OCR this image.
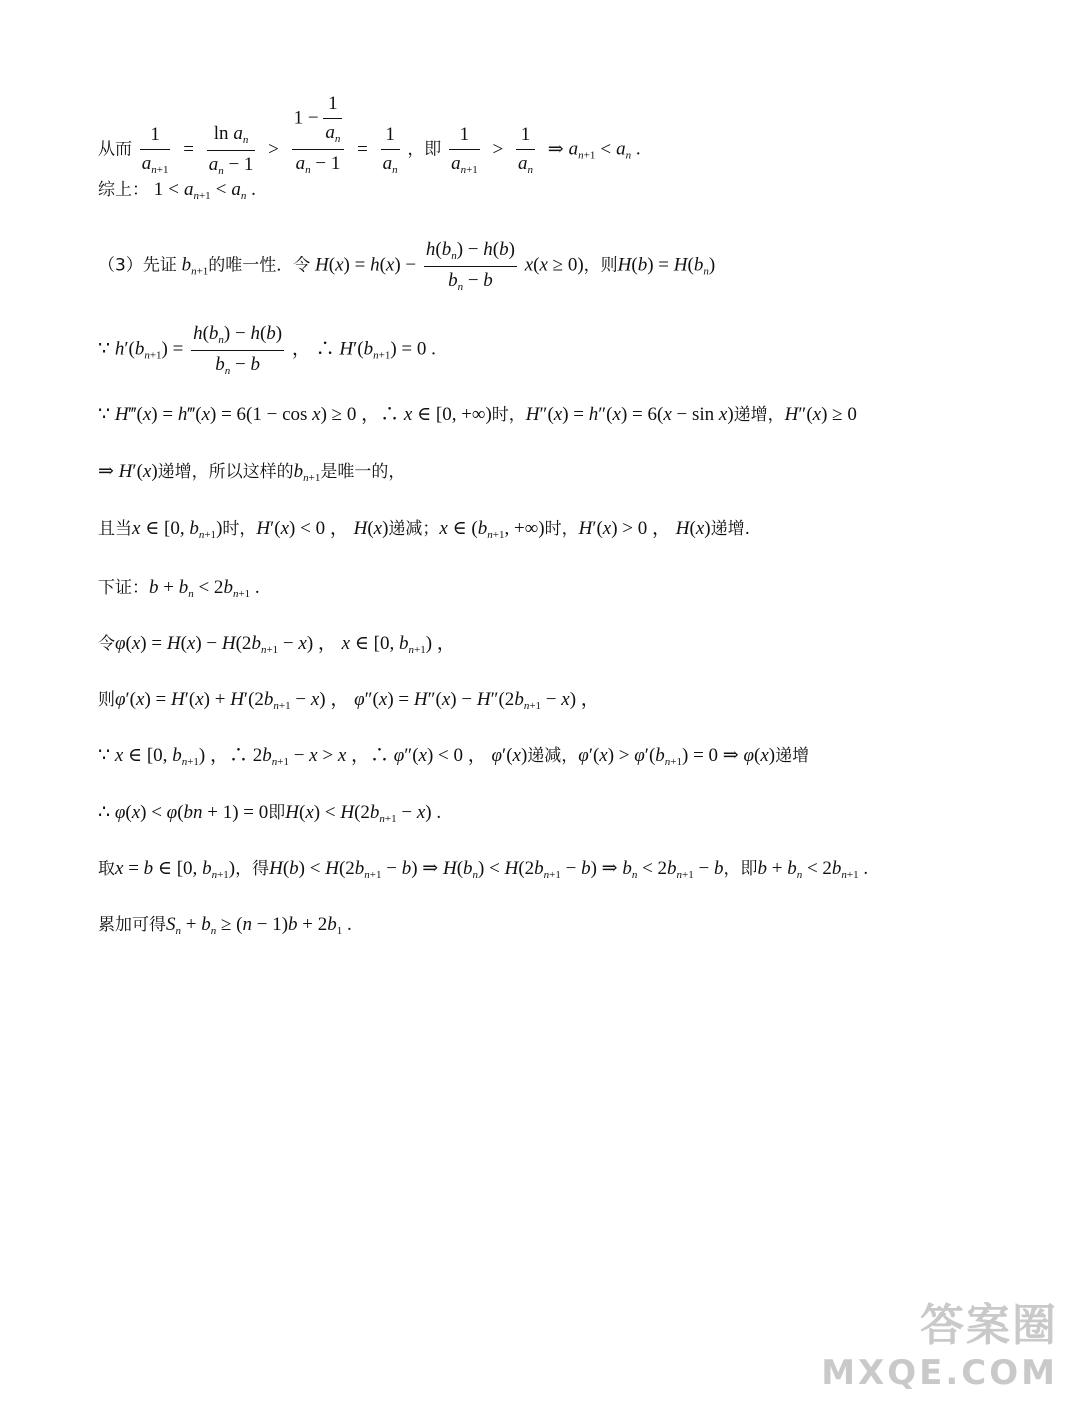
从而 $\frac{1}{a_{n+1}} = \frac{\ln a_n}{a_n - 1} > \frac{1 - \frac{1}{a_n}}{a_n - 1} = \frac{1}{a_n}$ ，即 $\frac{1}{a_{n+1}} > \frac{1}{a_n}$ ⇒ $a_{n+1} < a_n$ .
综上： $1 < a_{n+1} < a_n$ .
（3）先证 $b_{n+1}$的唯一性．令 $H(x) = h(x) - \frac{h(b_n) - h(b)}{b_n - b} x(x \ge 0)$，则$H(b) = H(b_n)$
∵ $h'(b_{n+1}) = \frac{h(b_n) - h(b)}{b_n - b}$ ， ∴ $H'(b_{n+1}) = 0$ .
∵ H‴(x) = h‴(x) = 6(1 − cos x) ≥ 0 ，∴ x ∈ [0, +∞)时，H″(x) = h″(x) = 6(x − sin x)递增，H″(x) ≥ 0
⇒ H′(x)递增，所以这样的$b_{n+1}$是唯一的，
且当x ∈ [0, $b_{n+1}$)时，H′(x) < 0 ， H(x)递减；x ∈ ($b_{n+1}$, +∞)时，H′(x) > 0 ， H(x)递增.
下证：$b + b_n < 2b_{n+1}$ .
令$\varphi(x) = H(x) - H(2b_{n+1} - x)$ ， x ∈ [0, $b_{n+1}$) ，
则$\varphi'(x) = H'(x) + H'(2b_{n+1} - x)$ ， $\varphi''(x) = H''(x) - H''(2b_{n+1} - x)$ ，
∵ x ∈ [0, $b_{n+1}$) ，∴ $2b_{n+1} - x > x$ ，∴ φ″(x) < 0 ， φ′(x)递减，$\varphi'(x) > \varphi'(b_{n+1}) = 0$ ⇒ φ(x)递增
∴ φ(x) < φ(bn + 1) = 0即$H(x) < H(2b_{n+1} - x)$ .
取x = b ∈ [0, $b_{n+1}$)，得$H(b) < H(2b_{n+1} - b)$ ⇒ $H(b_n) < H(2b_{n+1} - b)$ ⇒ $b_n < 2b_{n+1} - b$，即$b + b_n < 2b_{n+1}$ .
累加可得$S_n + b_n \ge (n - 1)b + 2b_1$ .
答案圈
MXQE.COM
